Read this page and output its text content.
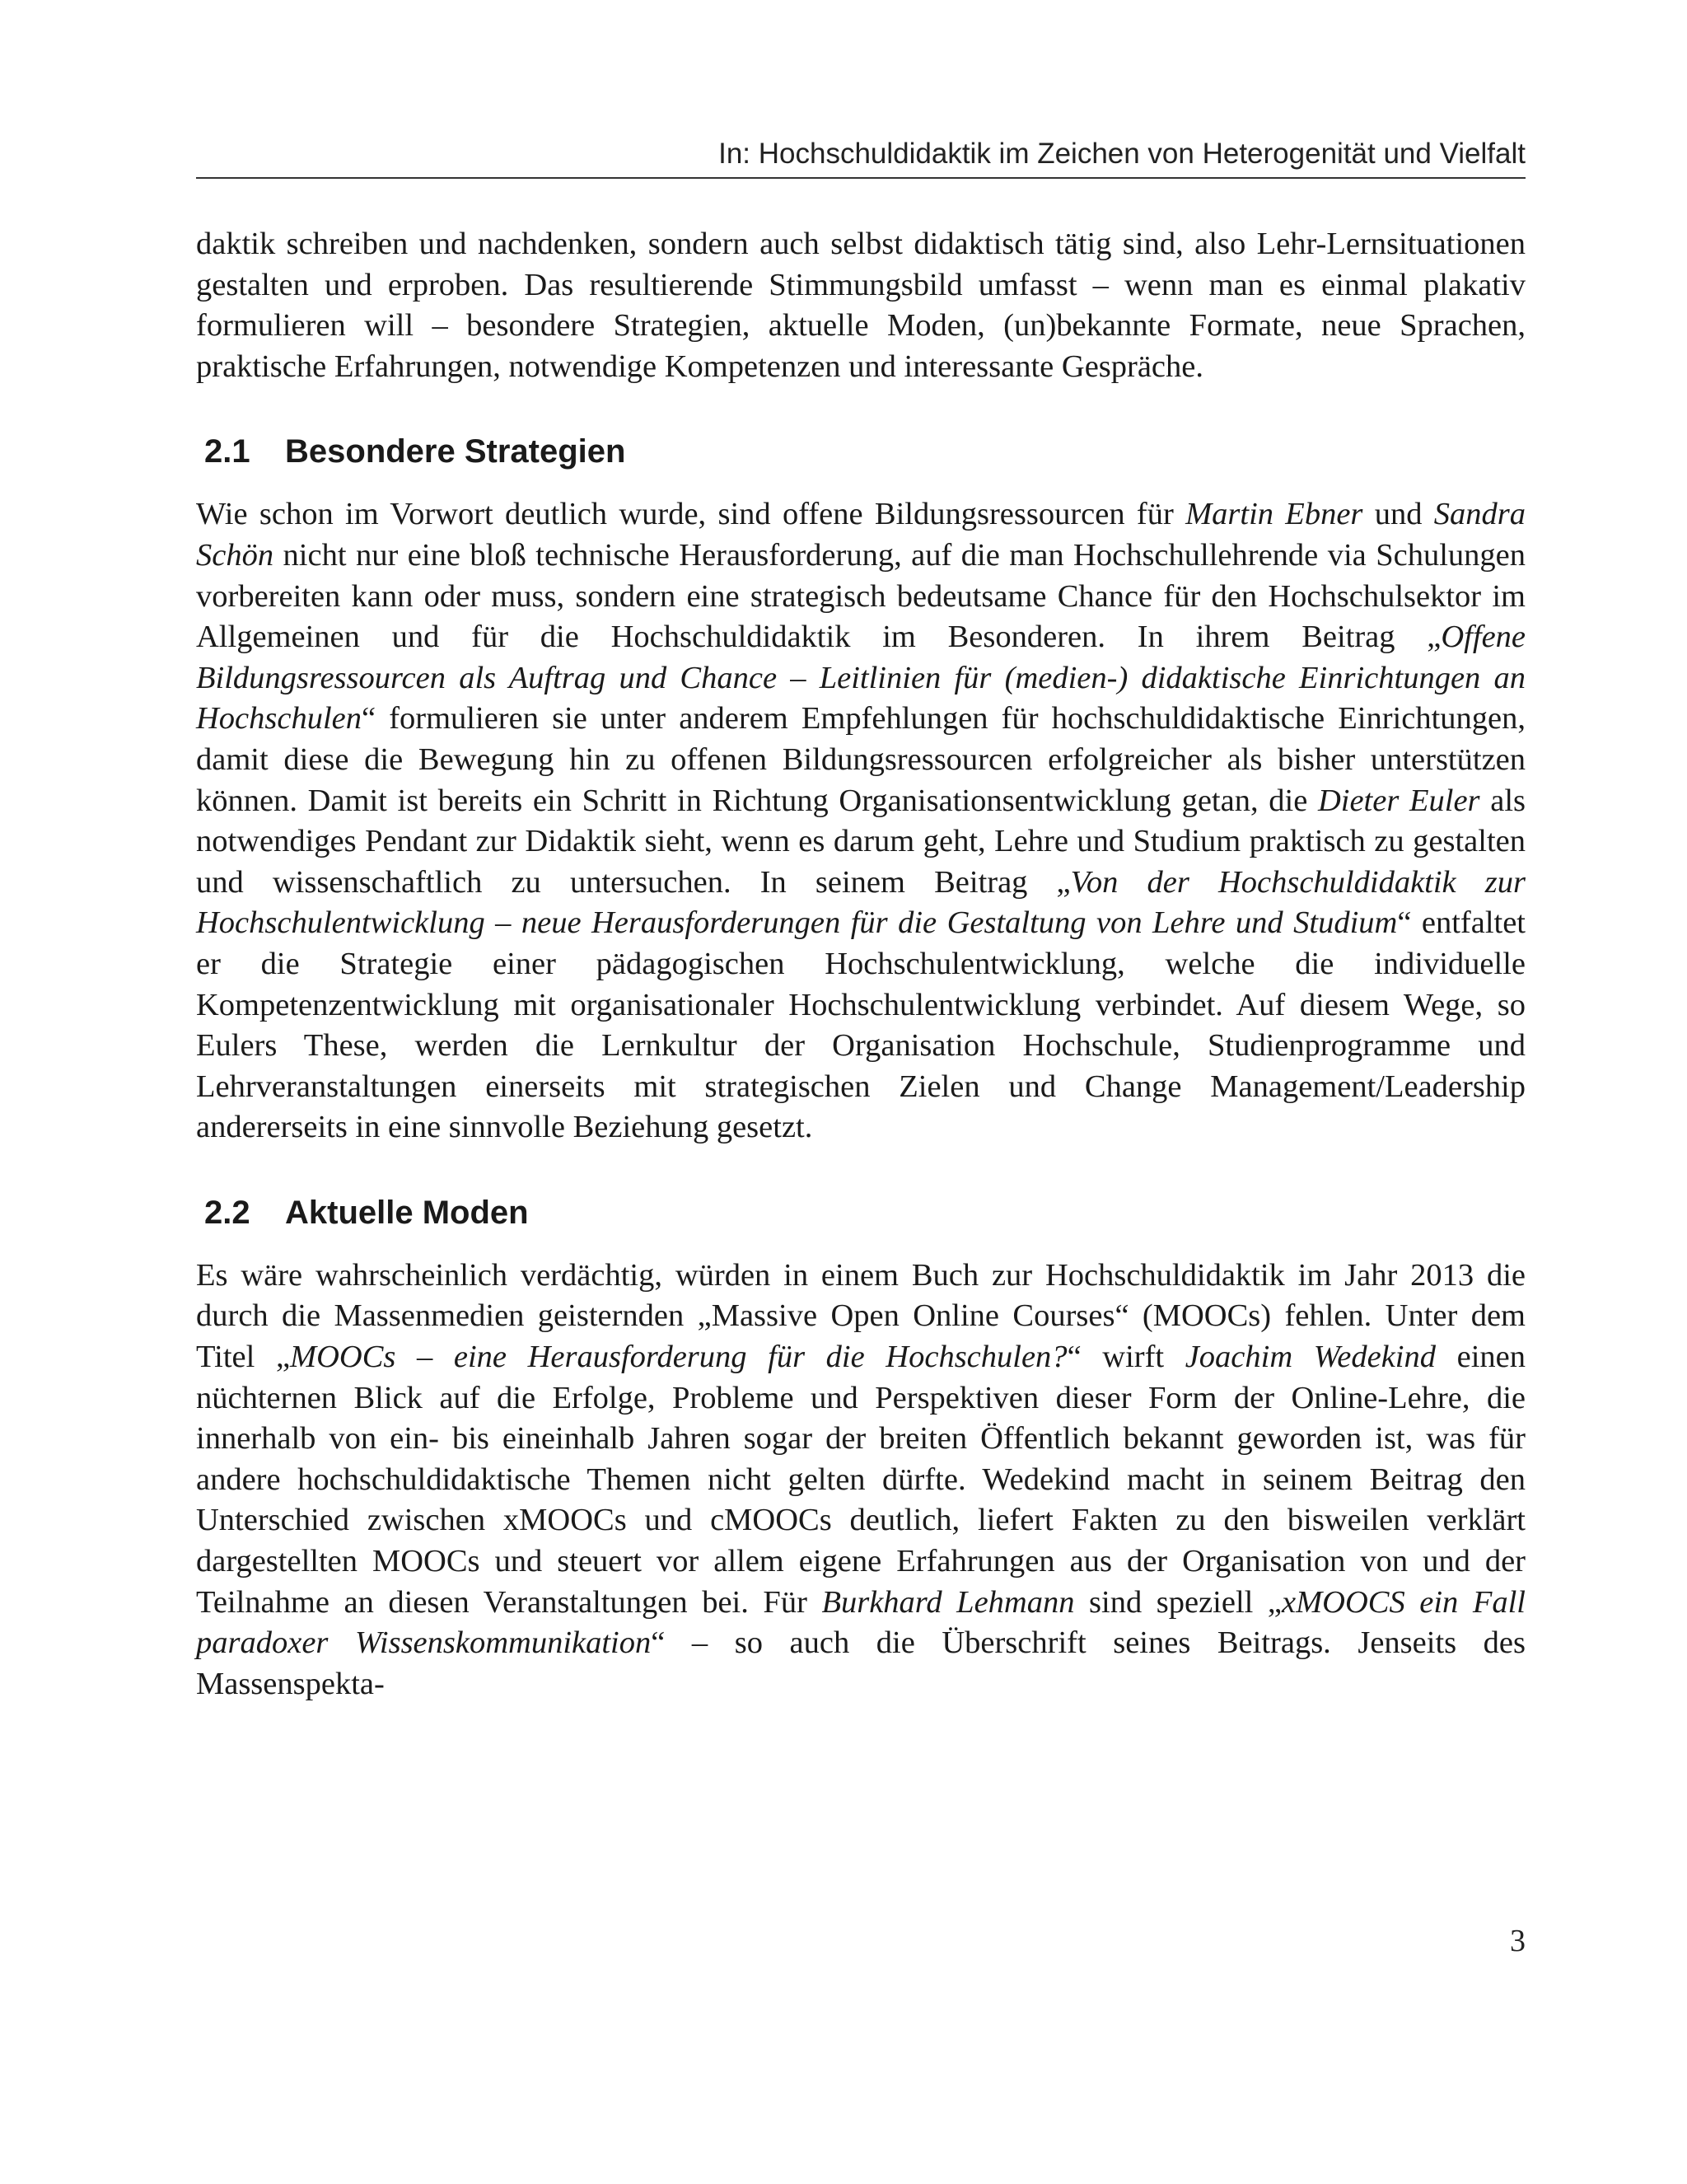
In: Hochschuldidaktik im Zeichen von Heterogenität und Vielfalt

daktik schreiben und nachdenken, sondern auch selbst didaktisch tätig sind, also Lehr-Lernsituationen gestalten und erproben. Das resultierende Stimmungsbild umfasst – wenn man es einmal plakativ formulieren will – besondere Strategien, aktuelle Moden, (un)bekannte Formate, neue Sprachen, praktische Erfahrungen, notwendige Kompetenzen und interessante Gespräche.

2.1	Besondere Strategien

Wie schon im Vorwort deutlich wurde, sind offene Bildungsressourcen für Martin Ebner und Sandra Schön nicht nur eine bloß technische Herausforderung, auf die man Hochschullehrende via Schulungen vorbereiten kann oder muss, sondern eine strategisch bedeutsame Chance für den Hochschulsektor im Allgemeinen und für die Hochschuldidaktik im Besonderen. In ihrem Beitrag „Offene Bildungsressourcen als Auftrag und Chance – Leitlinien für (medien-) didaktische Einrichtungen an Hochschulen“ formulieren sie unter anderem Empfehlungen für hochschuldidaktische Einrichtungen, damit diese die Bewegung hin zu offenen Bildungsressourcen erfolgreicher als bisher unterstützen können. Damit ist bereits ein Schritt in Richtung Organisationsentwicklung getan, die Dieter Euler als notwendiges Pendant zur Didaktik sieht, wenn es darum geht, Lehre und Studium praktisch zu gestalten und wissenschaftlich zu untersuchen. In seinem Beitrag „Von der Hochschuldidaktik zur Hochschulentwicklung – neue Herausforderungen für die Gestaltung von Lehre und Studium“ entfaltet er die Strategie einer pädagogischen Hochschulentwicklung, welche die individuelle Kompetenzentwicklung mit organisationaler Hochschulentwicklung verbindet. Auf diesem Wege, so Eulers These, werden die Lernkultur der Organisation Hochschule, Studienprogramme und Lehrveranstaltungen einerseits mit strategischen Zielen und Change Management/Leadership andererseits in eine sinnvolle Beziehung gesetzt.

2.2	Aktuelle Moden

Es wäre wahrscheinlich verdächtig, würden in einem Buch zur Hochschuldidaktik im Jahr 2013 die durch die Massenmedien geisternden „Massive Open Online Courses“ (MOOCs) fehlen. Unter dem Titel „MOOCs – eine Herausforderung für die Hochschulen?“ wirft Joachim Wedekind einen nüchternen Blick auf die Erfolge, Probleme und Perspektiven dieser Form der Online-Lehre, die innerhalb von ein- bis eineinhalb Jahren sogar der breiten Öffentlich bekannt geworden ist, was für andere hochschuldidaktische Themen nicht gelten dürfte. Wedekind macht in seinem Beitrag den Unterschied zwischen xMOOCs und cMOOCs deutlich, liefert Fakten zu den bisweilen verklärt dargestellten MOOCs und steuert vor allem eigene Erfahrungen aus der Organisation von und der Teilnahme an diesen Veranstaltungen bei. Für Burkhard Lehmann sind speziell „xMOOCS ein Fall paradoxer Wissenskommunikation“ – so auch die Überschrift seines Beitrags. Jenseits des Massenspekta-

3
